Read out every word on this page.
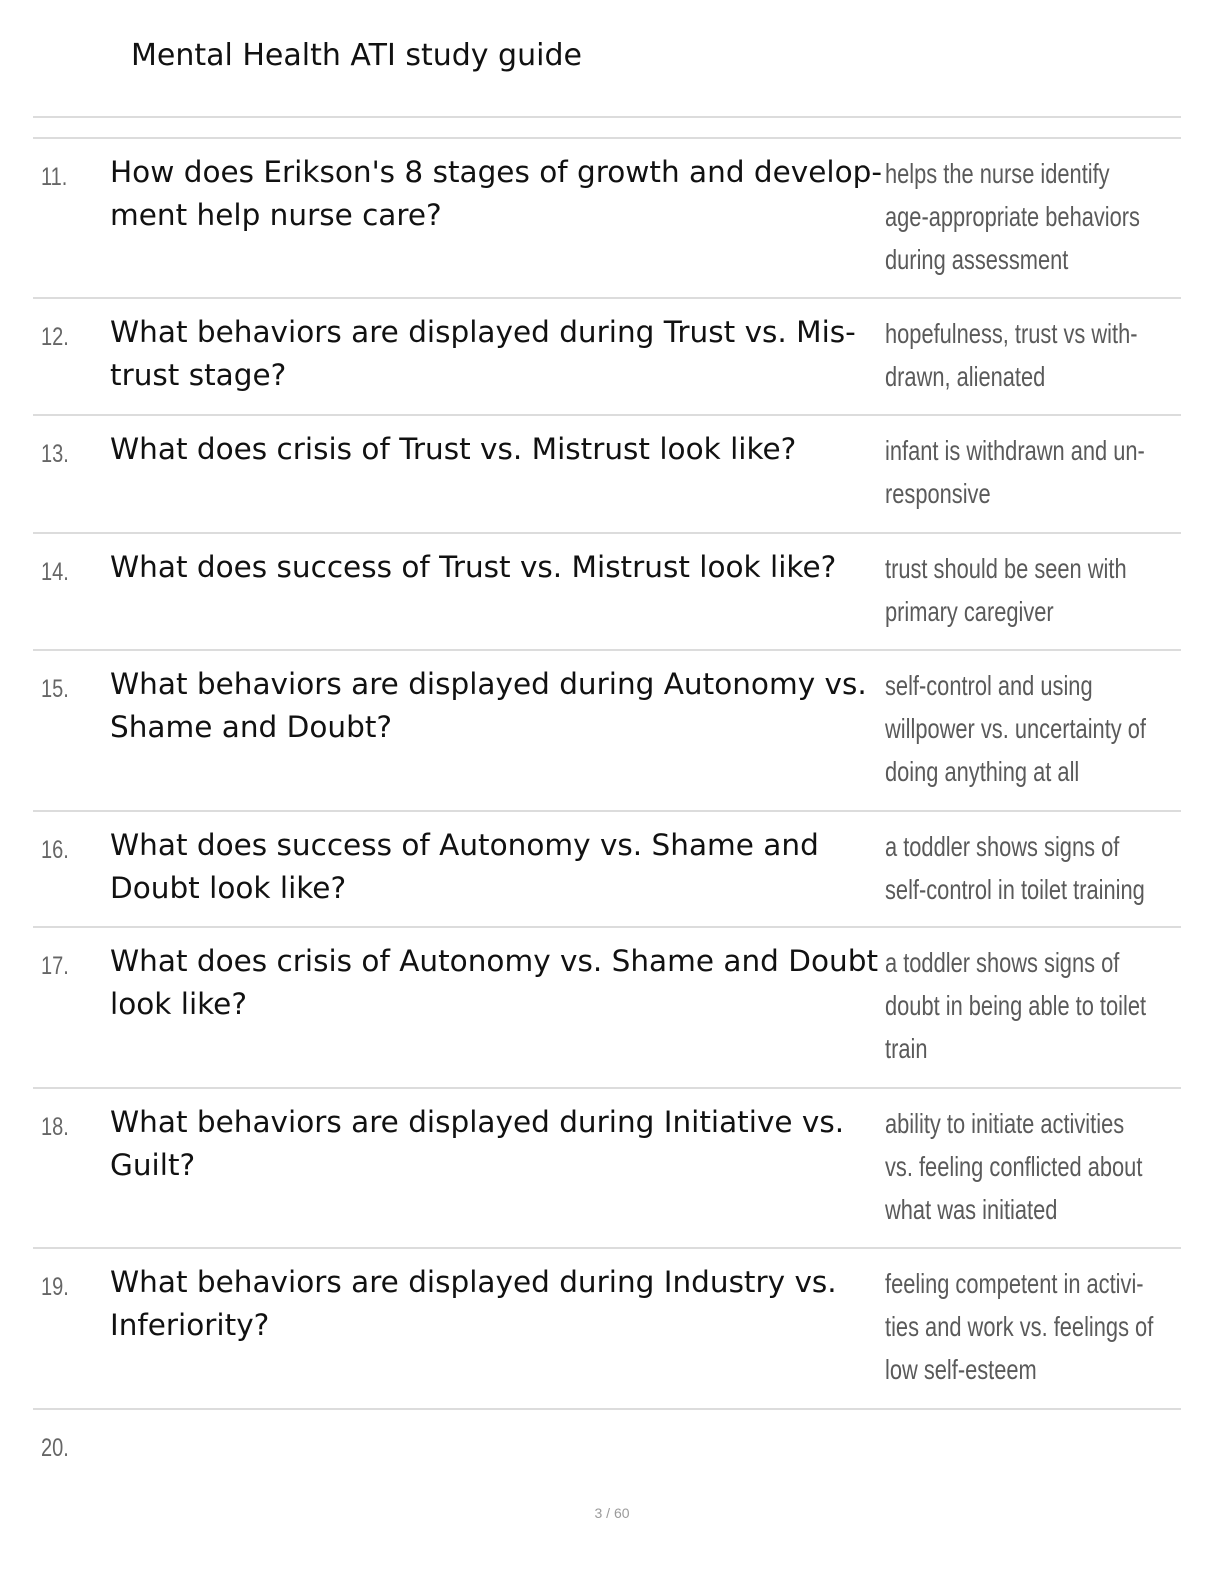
Mental Health ATI study guide
11. How does Erikson's 8 stages of growth and develop-
ment help nurse care?
helps the nurse identify
age-appropriate behaviors
during assessment
12. What behaviors are displayed during Trust vs. Mis-
trust stage?
hopefulness, trust vs with-
drawn, alienated
13. What does crisis of Trust vs. Mistrust look like?	infant is withdrawn and un-
responsive
14. What does success of Trust vs. Mistrust look like?	trust should be seen with
primary caregiver
15. What behaviors are displayed during Autonomy vs.
Shame and Doubt?
self-control and using
willpower vs. uncertainty of
doing anything at all
16. What does success of Autonomy vs. Shame and
Doubt look like?
a toddler shows signs of
self-control in toilet training
17. What does crisis of Autonomy vs. Shame and Doubt
look like?
a toddler shows signs of
doubt in being able to toilet
train
18. What behaviors are displayed during Initiative vs.
Guilt?
ability to initiate activities
vs. feeling conflicted about
what was initiated
19. What behaviors are displayed during Industry vs.
Inferiority?
feeling competent in activi-
ties and work vs. feelings of
low self-esteem
20.
3 / 60
